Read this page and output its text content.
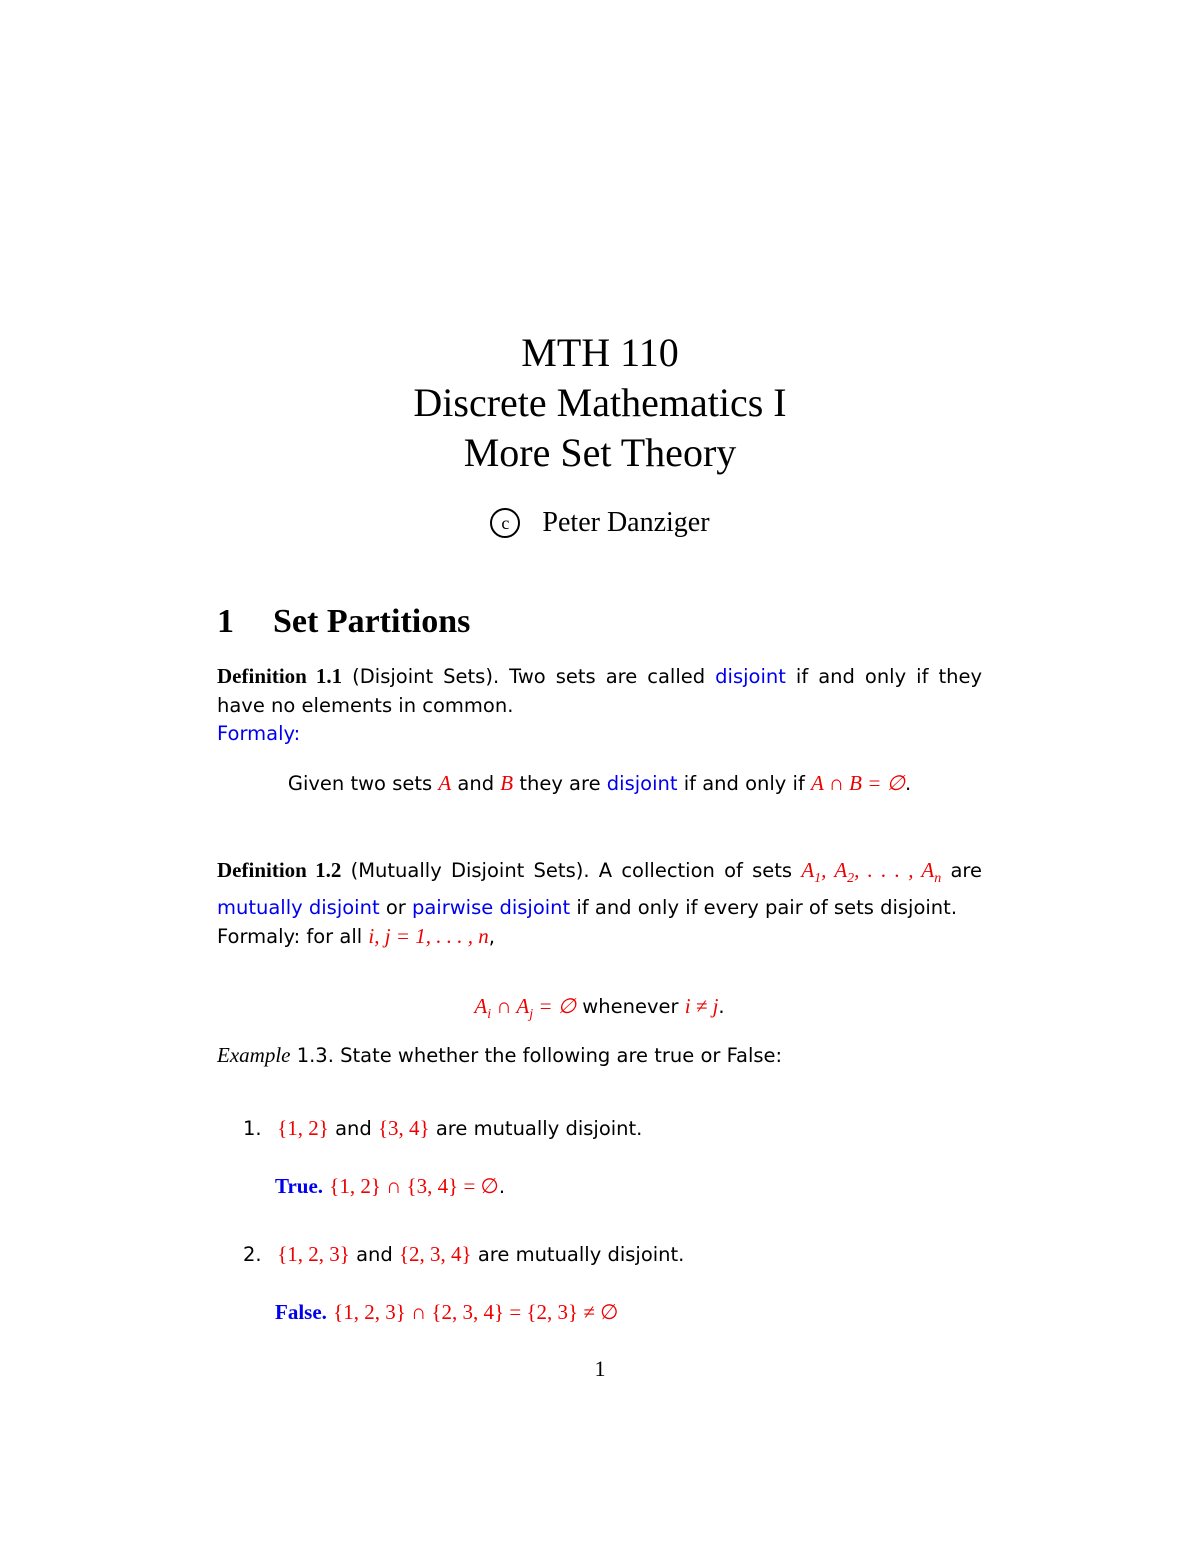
MTH 110
Discrete Mathematics I
More Set Theory
c Peter Danziger
1 Set Partitions
Definition 1.1 (Disjoint Sets). Two sets are called disjoint if and only if they have no elements in common.
Formaly:
Given two sets A and B they are disjoint if and only if A ∩ B = ∅.
Definition 1.2 (Mutually Disjoint Sets). A collection of sets $A_1$, $A_2$, . . . , $A_n$ are mutually disjoint or pairwise disjoint if and only if every pair of sets disjoint.
Formaly: for all i, j = 1, . . . , n,
$A_i$ ∩ $A_j$ = ∅ whenever i ≠ j.
Example 1.3. State whether the following are true or False:
1. {1, 2} and {3, 4} are mutually disjoint.
True. {1, 2} ∩ {3, 4} = ∅.
2. {1, 2, 3} and {2, 3, 4} are mutually disjoint.
False. {1, 2, 3} ∩ {2, 3, 4} = {2, 3} ≠ ∅
1
